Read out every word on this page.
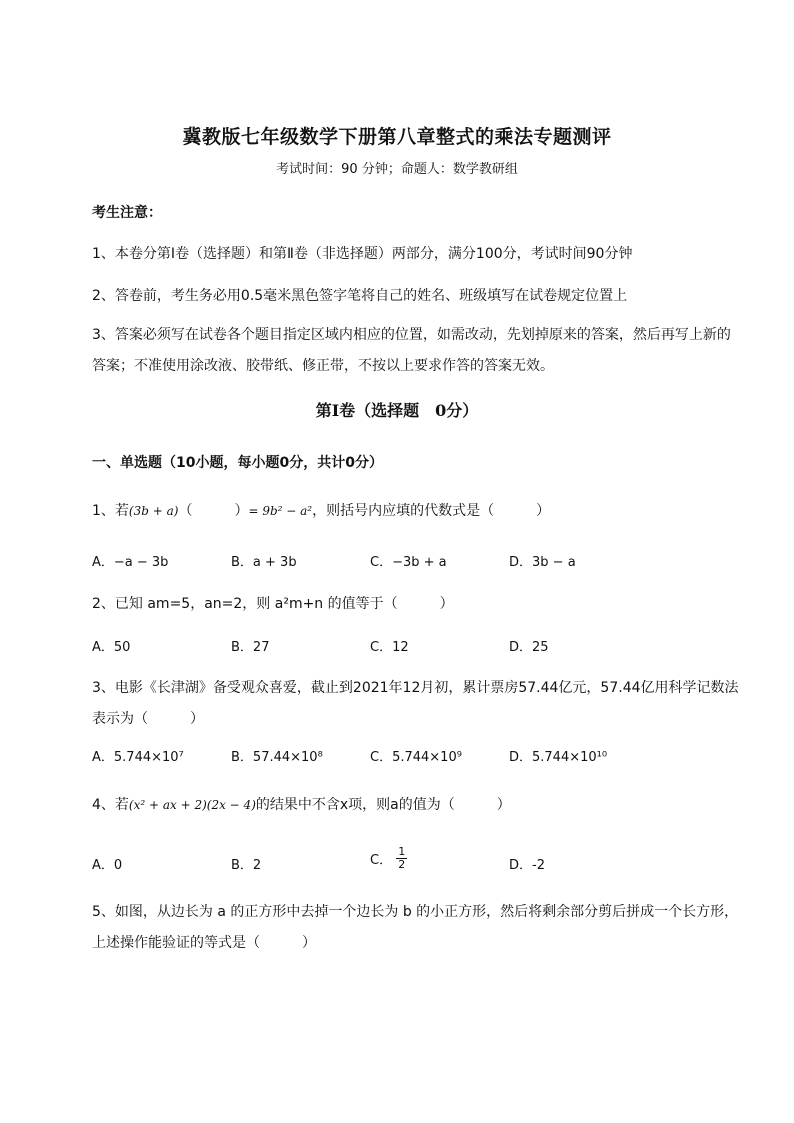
冀教版七年级数学下册第八章整式的乘法专题测评
考试时间：90 分钟；命题人：数学教研组
考生注意：
1、本卷分第Ⅰ卷（选择题）和第Ⅱ卷（非选择题）两部分，满分100分，考试时间90分钟
2、答卷前，考生务必用0.5毫米黑色签字笔将自己的姓名、班级填写在试卷规定位置上
3、答案必须写在试卷各个题目指定区域内相应的位置，如需改动，先划掉原来的答案，然后再写上新的答案；不准使用涂改液、胶带纸、修正带，不按以上要求作答的答案无效。
第Ⅰ卷（选择题　0分）
一、单选题（10小题，每小题0分，共计0分）
1、若(3b + a)（　　　）= 9b² − a²，则括号内应填的代数式是（　　　）
A．−a − 3b	B．a + 3b	C．−3b + a	D．3b − a
2、已知 am=5，an=2，则 a²m+n 的值等于（　　　）
A．50	B．27	C．12	D．25
3、电影《长津湖》备受观众喜爱，截止到2021年12月初，累计票房57.44亿元，57.44亿用科学记数法表示为（　　　）
A．5.744×10⁷	B．57.44×10⁸	C．5.744×10⁹	D．5.744×10¹⁰
4、若(x² + ax + 2)(2x − 4)的结果中不含x项，则a的值为（　　　）
A．0	B．2	C． $\frac{1}{2}$	D．-2
5、如图，从边长为 a 的正方形中去掉一个边长为 b 的小正方形，然后将剩余部分剪后拼成一个长方形，上述操作能验证的等式是（　　　）
